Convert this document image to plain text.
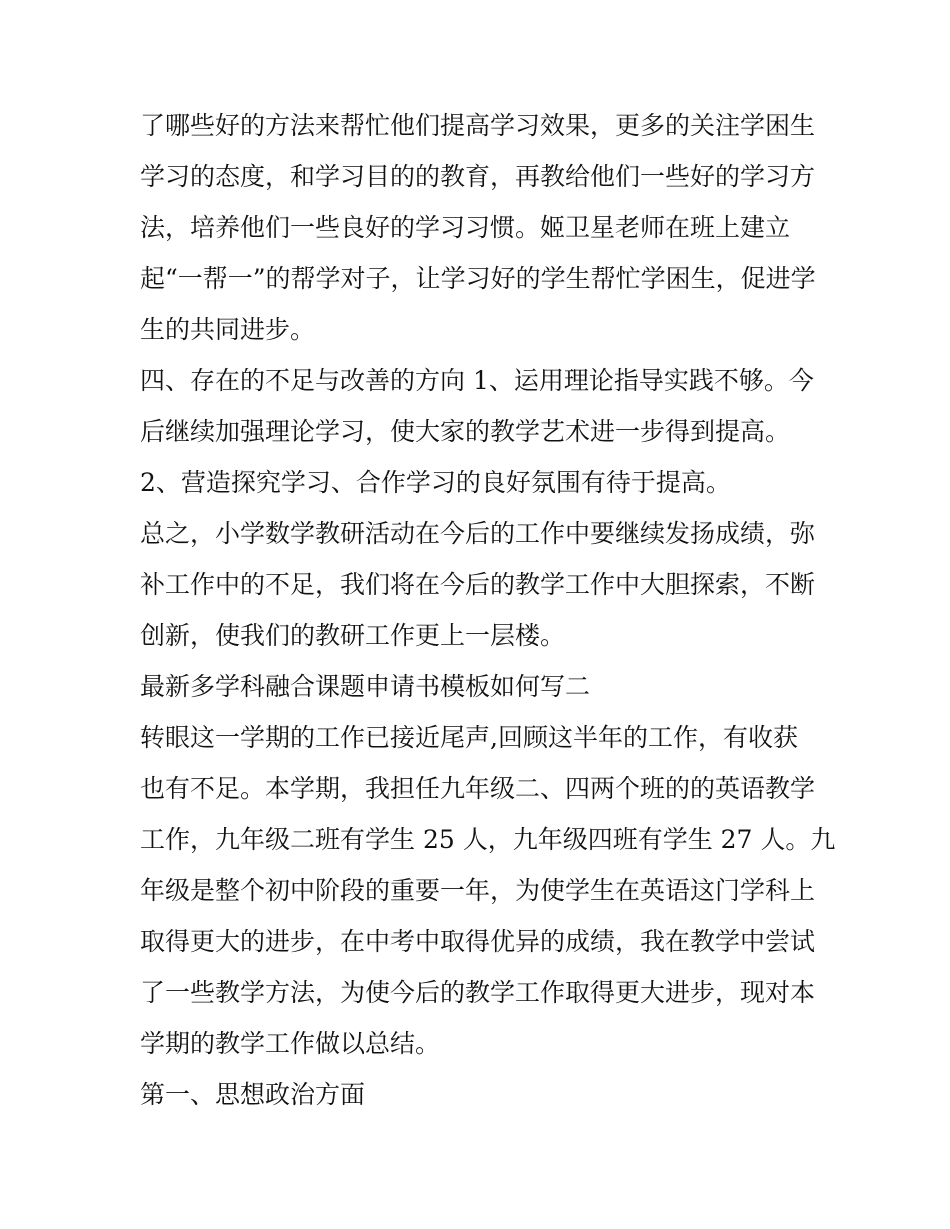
了哪些好的方法来帮忙他们提高学习效果，更多的关注学困生
学习的态度，和学习目的的教育，再教给他们一些好的学习方
法，培养他们一些良好的学习习惯。姬卫星老师在班上建立
起“一帮一”的帮学对子，让学习好的学生帮忙学困生，促进学
生的共同进步。
四、存在的不足与改善的方向 1、运用理论指导实践不够。今
后继续加强理论学习，使大家的教学艺术进一步得到提高。
2、营造探究学习、合作学习的良好氛围有待于提高。
总之，小学数学教研活动在今后的工作中要继续发扬成绩，弥
补工作中的不足，我们将在今后的教学工作中大胆探索，不断
创新，使我们的教研工作更上一层楼。
最新多学科融合课题申请书模板如何写二
转眼这一学期的工作已接近尾声,回顾这半年的工作，有收获
也有不足。本学期，我担任九年级二、四两个班的的英语教学
工作，九年级二班有学生 25 人，九年级四班有学生 27 人。九
年级是整个初中阶段的重要一年，为使学生在英语这门学科上
取得更大的进步，在中考中取得优异的成绩，我在教学中尝试
了一些教学方法，为使今后的教学工作取得更大进步，现对本
学期的教学工作做以总结。
第一、思想政治方面
